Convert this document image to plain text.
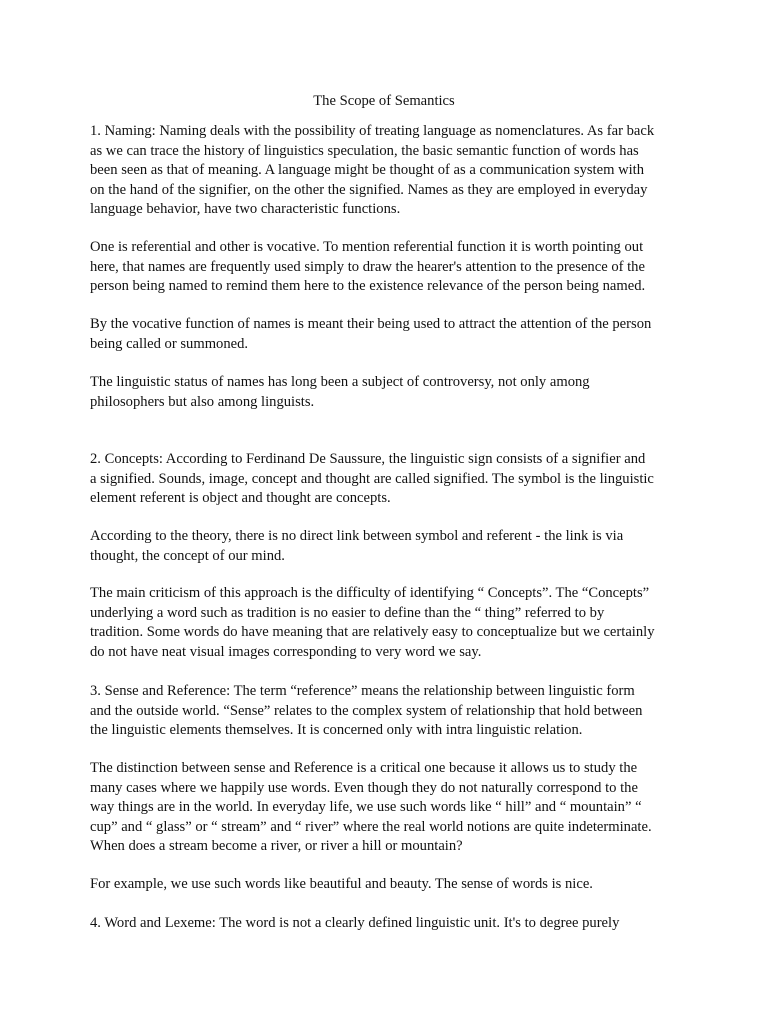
The Scope of Semantics
1. Naming: Naming deals with the possibility of treating language as nomenclatures. As far back
as we can trace the history of linguistics speculation, the basic semantic function of words has
been seen as that of meaning. A language might be thought of as a communication system with
on the hand of the signifier, on the other the signified. Names as they are employed in everyday
language behavior, have two characteristic functions.
One is referential and other is vocative. To mention referential function it is worth pointing out
here, that names are frequently used simply to draw the hearer's attention to the presence of the
person being named to remind them here to the existence relevance of the person being named.
By the vocative function of names is meant their being used to attract the attention of the person
being called or summoned.
The linguistic status of names has long been a subject of controversy, not only among
philosophers but also among linguists.
2. Concepts: According to Ferdinand De Saussure, the linguistic sign consists of a signifier and
a signified. Sounds, image, concept and thought are called signified. The symbol is the linguistic
element referent is object and thought are concepts.
According to the theory, there is no direct link between symbol and referent - the link is via
thought, the concept of our mind.
The main criticism of this approach is the difficulty of identifying “ Concepts”. The “Concepts”
underlying a word such as tradition is no easier to define than the “ thing” referred to by
tradition. Some words do have meaning that are relatively easy to conceptualize but we certainly
do not have neat visual images corresponding to very word we say.
3. Sense and Reference: The term “reference” means the relationship between linguistic form
and the outside world. “Sense” relates to the complex system of relationship that hold between
the linguistic elements themselves. It is concerned only with intra linguistic relation.
The distinction between sense and Reference is a critical one because it allows us to study the
many cases where we happily use words. Even though they do not naturally correspond to the
way things are in the world. In everyday life, we use such words like “ hill” and “ mountain” “
cup” and “ glass” or “ stream” and “ river” where the real world notions are quite indeterminate.
When does a stream become a river, or river a hill or mountain?
For example, we use such words like beautiful and beauty. The sense of words is nice.
4. Word and Lexeme: The word is not a clearly defined linguistic unit. It's to degree purely
